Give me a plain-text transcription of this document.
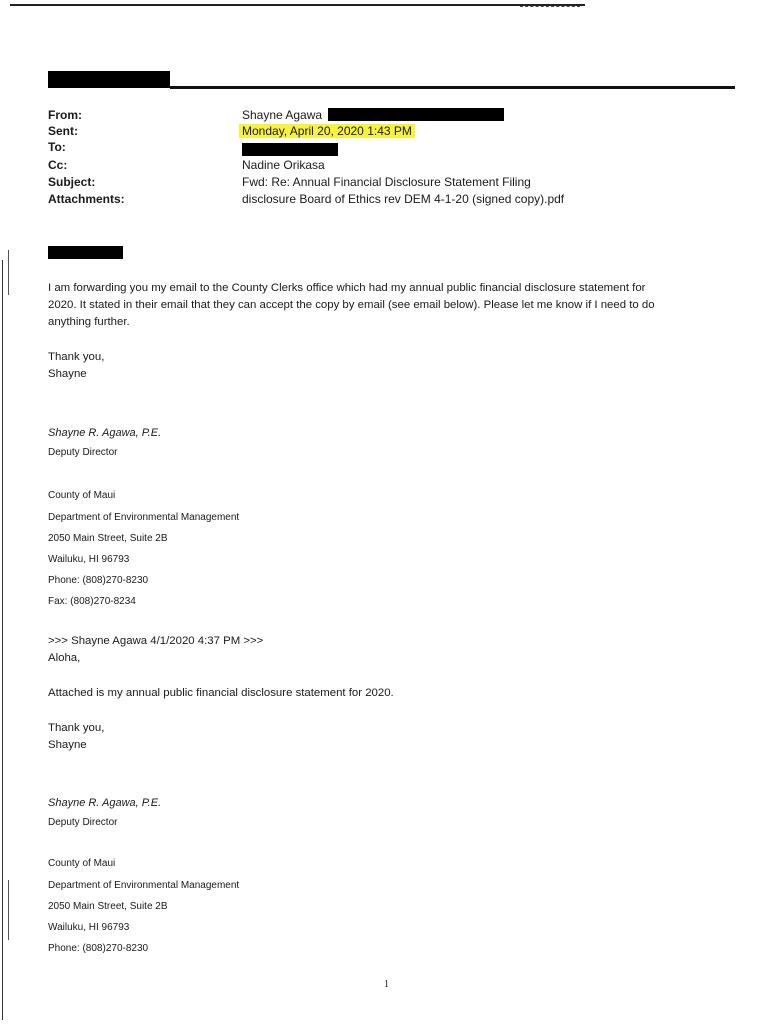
From:	Shayne Agawa
Sent:	Monday, April 20, 2020 1:43 PM
To:
Cc:	Nadine Orikasa
Subject:	Fwd: Re: Annual Financial Disclosure Statement Filing
Attachments:	disclosure Board of Ethics rev DEM 4-1-20 (signed copy).pdf
I am forwarding you my email to the County Clerks office which had my annual public financial disclosure statement for
2020. It stated in their email that they can accept the copy by email (see email below). Please let me know if I need to do
anything further.
Thank you,
Shayne
Shayne R. Agawa, P.E.
Deputy Director
County of Maui
Department of Environmental Management
2050 Main Street, Suite 2B
Wailuku, HI 96793
Phone: (808)270-8230
Fax: (808)270-8234
>>> Shayne Agawa 4/1/2020 4:37 PM >>>
Aloha,
Attached is my annual public financial disclosure statement for 2020.
Thank you,
Shayne
Shayne R. Agawa, P.E.
Deputy Director
County of Maui
Department of Environmental Management
2050 Main Street, Suite 2B
Wailuku, HI 96793
Phone: (808)270-8230
1
